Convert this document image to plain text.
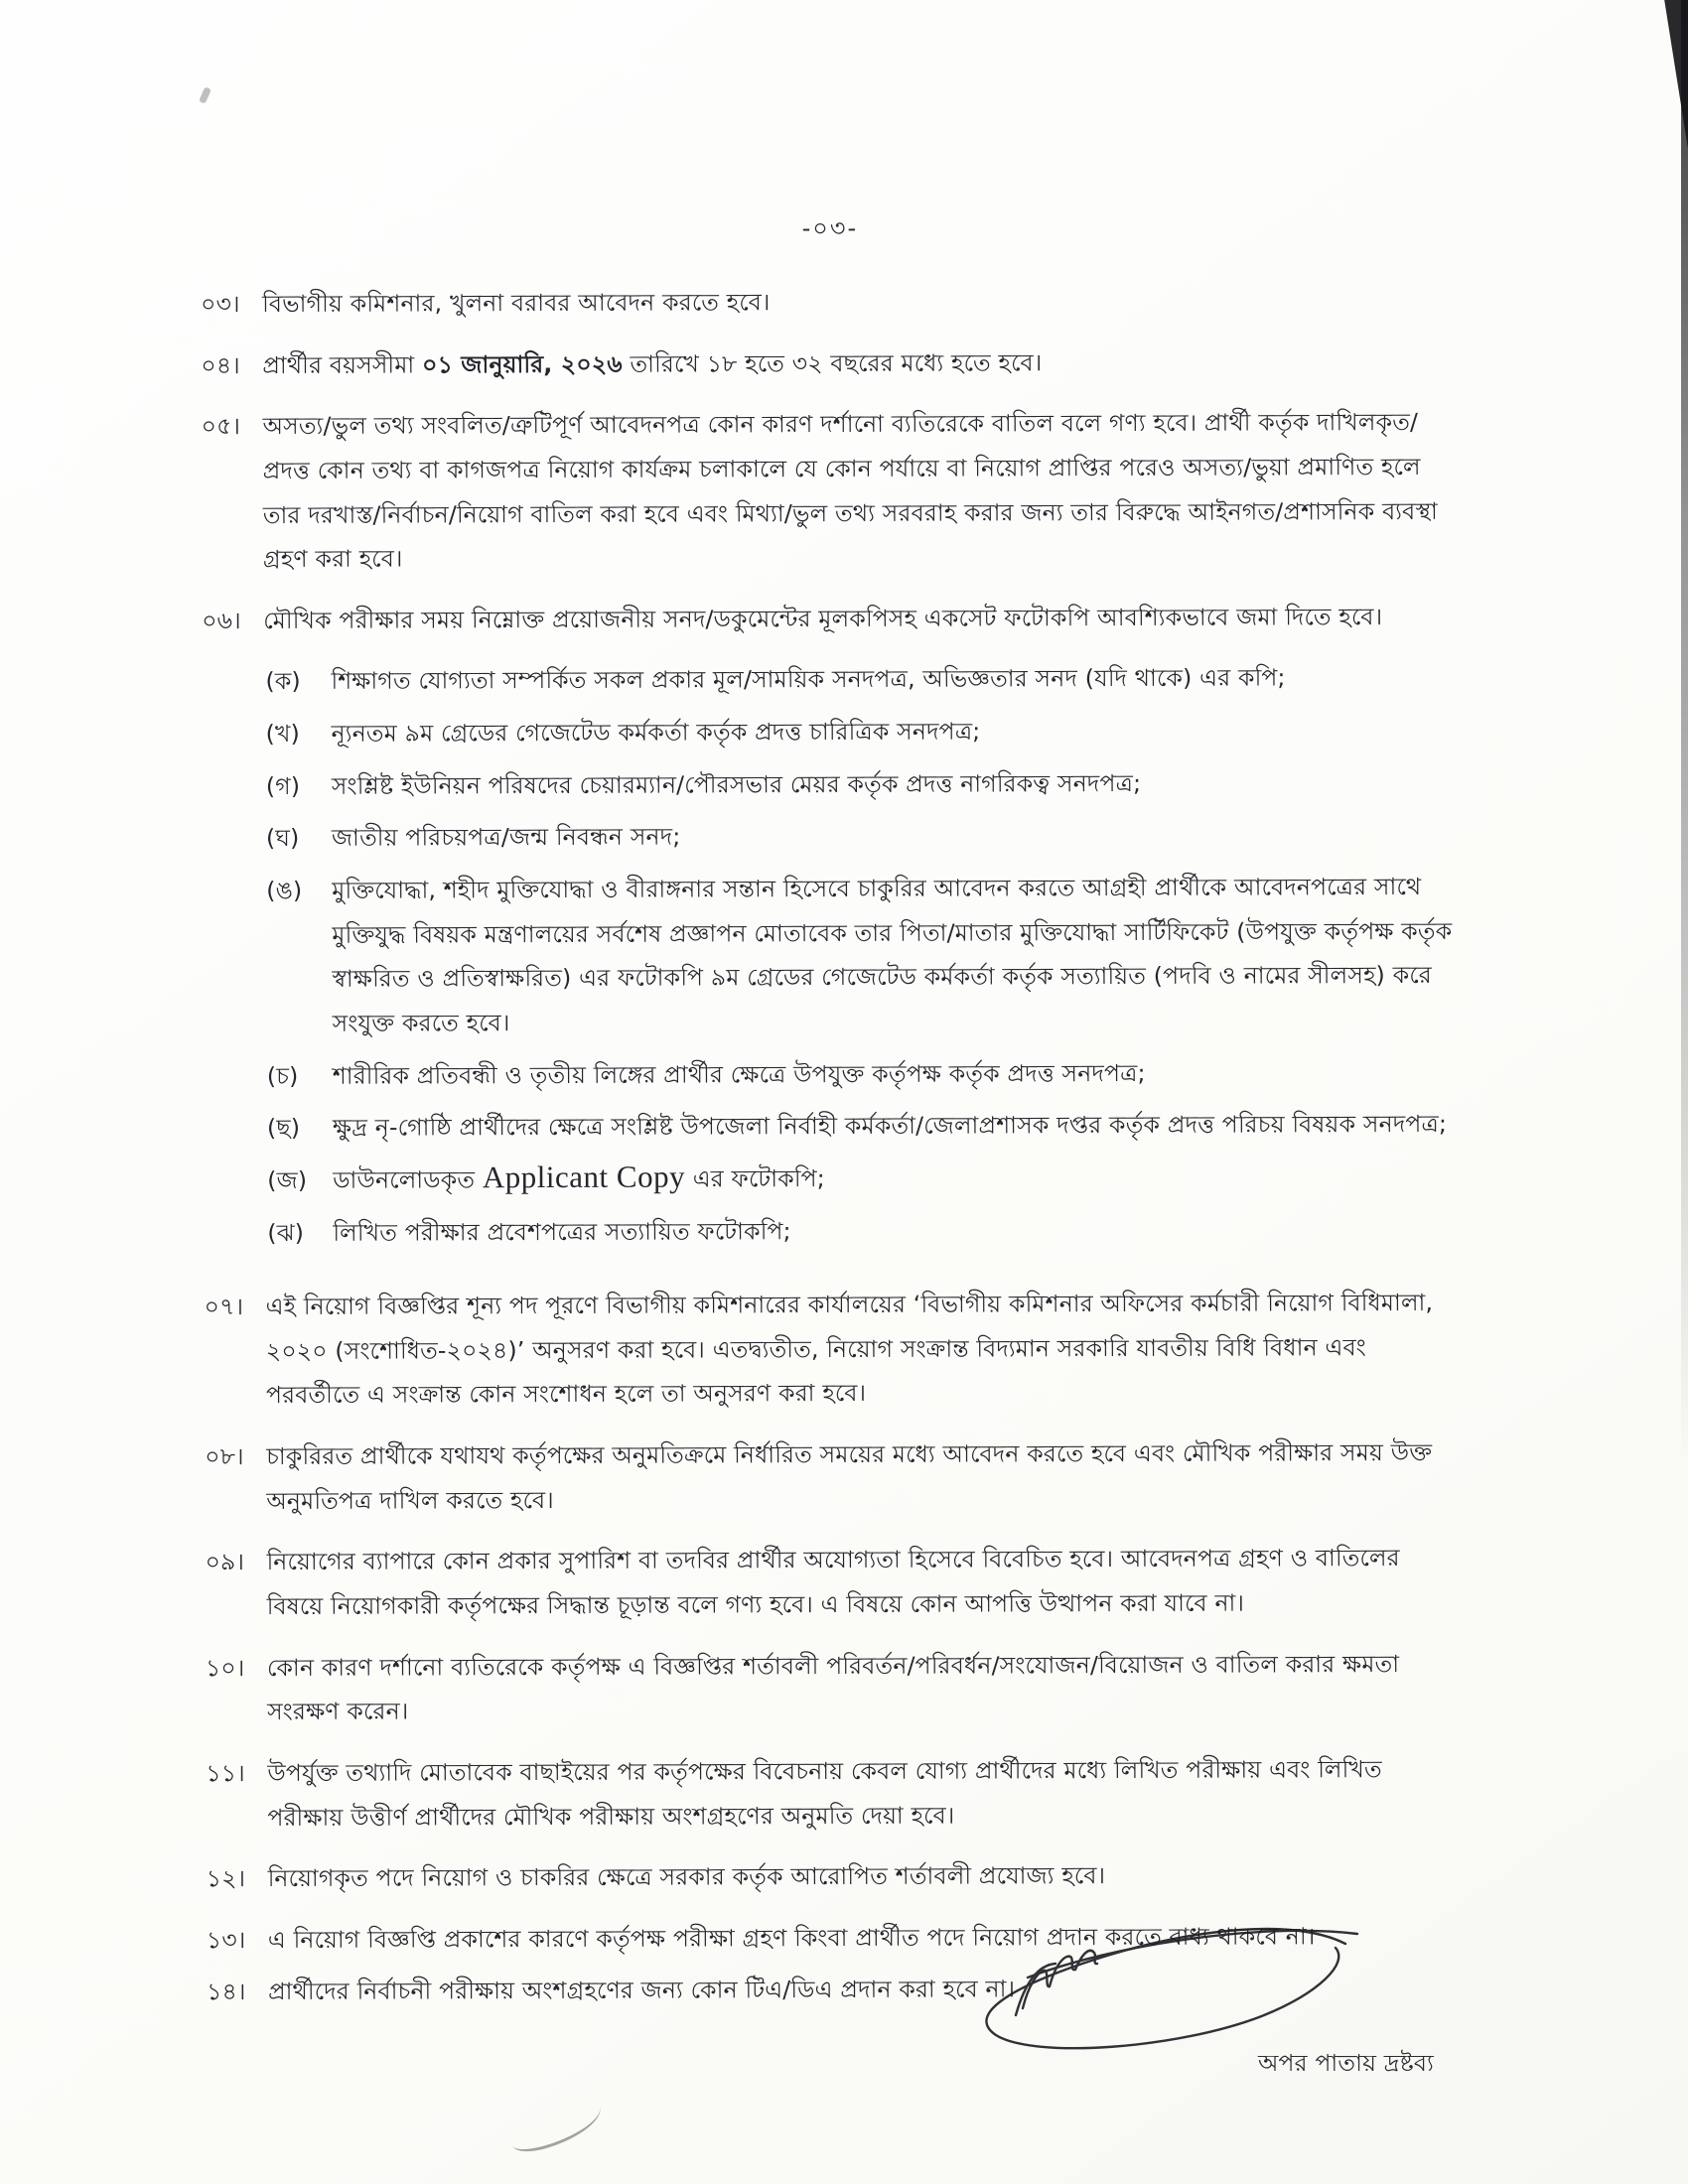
-০৩-
০৩। বিভাগীয় কমিশনার, খুলনা বরাবর আবেদন করতে হবে।
০৪। প্রার্থীর বয়সসীমা ০১ জানুয়ারি, ২০২৬ তারিখে ১৮ হতে ৩২ বছরের মধ্যে হতে হবে।
০৫। অসত্য/ভুল তথ্য সংবলিত/ত্রুটিপূর্ণ আবেদনপত্র কোন কারণ দর্শানো ব্যতিরেকে বাতিল বলে গণ্য হবে। প্রার্থী কর্তৃক দাখিলকৃত/ প্রদত্ত কোন তথ্য বা কাগজপত্র নিয়োগ কার্যক্রম চলাকালে যে কোন পর্যায়ে বা নিয়োগ প্রাপ্তির পরেও অসত্য/ভুয়া প্রমাণিত হলে তার দরখাস্ত/নির্বাচন/নিয়োগ বাতিল করা হবে এবং মিথ্যা/ভুল তথ্য সরবরাহ করার জন্য তার বিরুদ্ধে আইনগত/প্রশাসনিক ব্যবস্থা গ্রহণ করা হবে।
০৬। মৌখিক পরীক্ষার সময় নিম্নোক্ত প্রয়োজনীয় সনদ/ডকুমেন্টের মূলকপিসহ একসেট ফটোকপি আবশ্যিকভাবে জমা দিতে হবে।
(ক)	শিক্ষাগত যোগ্যতা সম্পর্কিত সকল প্রকার মূল/সাময়িক সনদপত্র, অভিজ্ঞতার সনদ (যদি থাকে) এর কপি;
(খ)	ন্যূনতম ৯ম গ্রেডের গেজেটেড কর্মকর্তা কর্তৃক প্রদত্ত চারিত্রিক সনদপত্র;
(গ)	সংশ্লিষ্ট ইউনিয়ন পরিষদের চেয়ারম্যান/পৌরসভার মেয়র কর্তৃক প্রদত্ত নাগরিকত্ব সনদপত্র;
(ঘ)	জাতীয় পরিচয়পত্র/জন্ম নিবন্ধন সনদ;
(ঙ)	মুক্তিযোদ্ধা, শহীদ মুক্তিযোদ্ধা ও বীরাঙ্গনার সন্তান হিসেবে চাকুরির আবেদন করতে আগ্রহী প্রার্থীকে আবেদনপত্রের সাথে মুক্তিযুদ্ধ বিষয়ক মন্ত্রণালয়ের সর্বশেষ প্রজ্ঞাপন মোতাবেক তার পিতা/মাতার মুক্তিযোদ্ধা সার্টিফিকেট (উপযুক্ত কর্তৃপক্ষ কর্তৃক স্বাক্ষরিত ও প্রতিস্বাক্ষরিত) এর ফটোকপি ৯ম গ্রেডের গেজেটেড কর্মকর্তা কর্তৃক সত্যায়িত (পদবি ও নামের সীলসহ) করে সংযুক্ত করতে হবে।
(চ)	শারীরিক প্রতিবন্ধী ও তৃতীয় লিঙ্গের প্রার্থীর ক্ষেত্রে উপযুক্ত কর্তৃপক্ষ কর্তৃক প্রদত্ত সনদপত্র;
(ছ)	ক্ষুদ্র নৃ-গোষ্ঠি প্রার্থীদের ক্ষেত্রে সংশ্লিষ্ট উপজেলা নির্বাহী কর্মকর্তা/জেলাপ্রশাসক দপ্তর কর্তৃক প্রদত্ত পরিচয় বিষয়ক সনদপত্র;
(জ)	ডাউনলোডকৃত Applicant Copy এর ফটোকপি;
(ঝ)	লিখিত পরীক্ষার প্রবেশপত্রের সত্যায়িত ফটোকপি;
০৭। এই নিয়োগ বিজ্ঞপ্তির শূন্য পদ পূরণে বিভাগীয় কমিশনারের কার্যালয়ের ‘বিভাগীয় কমিশনার অফিসের কর্মচারী নিয়োগ বিধিমালা, ২০২০ (সংশোধিত-২০২৪)’ অনুসরণ করা হবে। এতদ্ব্যতীত, নিয়োগ সংক্রান্ত বিদ্যমান সরকারি যাবতীয় বিধি বিধান এবং পরবর্তীতে এ সংক্রান্ত কোন সংশোধন হলে তা অনুসরণ করা হবে।
০৮। চাকুরিরত প্রার্থীকে যথাযথ কর্তৃপক্ষের অনুমতিক্রমে নির্ধারিত সময়ের মধ্যে আবেদন করতে হবে এবং মৌখিক পরীক্ষার সময় উক্ত অনুমতিপত্র দাখিল করতে হবে।
০৯। নিয়োগের ব্যাপারে কোন প্রকার সুপারিশ বা তদবির প্রার্থীর অযোগ্যতা হিসেবে বিবেচিত হবে। আবেদনপত্র গ্রহণ ও বাতিলের বিষয়ে নিয়োগকারী কর্তৃপক্ষের সিদ্ধান্ত চূড়ান্ত বলে গণ্য হবে। এ বিষয়ে কোন আপত্তি উত্থাপন করা যাবে না।
১০। কোন কারণ দর্শানো ব্যতিরেকে কর্তৃপক্ষ এ বিজ্ঞপ্তির শর্তাবলী পরিবর্তন/পরিবর্ধন/সংযোজন/বিয়োজন ও বাতিল করার ক্ষমতা সংরক্ষণ করেন।
১১। উপর্যুক্ত তথ্যাদি মোতাবেক বাছাইয়ের পর কর্তৃপক্ষের বিবেচনায় কেবল যোগ্য প্রার্থীদের মধ্যে লিখিত পরীক্ষায় এবং লিখিত পরীক্ষায় উত্তীর্ণ প্রার্থীদের মৌখিক পরীক্ষায় অংশগ্রহণের অনুমতি দেয়া হবে।
১২। নিয়োগকৃত পদে নিয়োগ ও চাকরির ক্ষেত্রে সরকার কর্তৃক আরোপিত শর্তাবলী প্রযোজ্য হবে।
১৩। এ নিয়োগ বিজ্ঞপ্তি প্রকাশের কারণে কর্তৃপক্ষ পরীক্ষা গ্রহণ কিংবা প্রার্থীত পদে নিয়োগ প্রদান করতে বাধ্য থাকবে না।
১৪। প্রার্থীদের নির্বাচনী পরীক্ষায় অংশগ্রহণের জন্য কোন টিএ/ডিএ প্রদান করা হবে না।
অপর পাতায় দ্রষ্টব্য
